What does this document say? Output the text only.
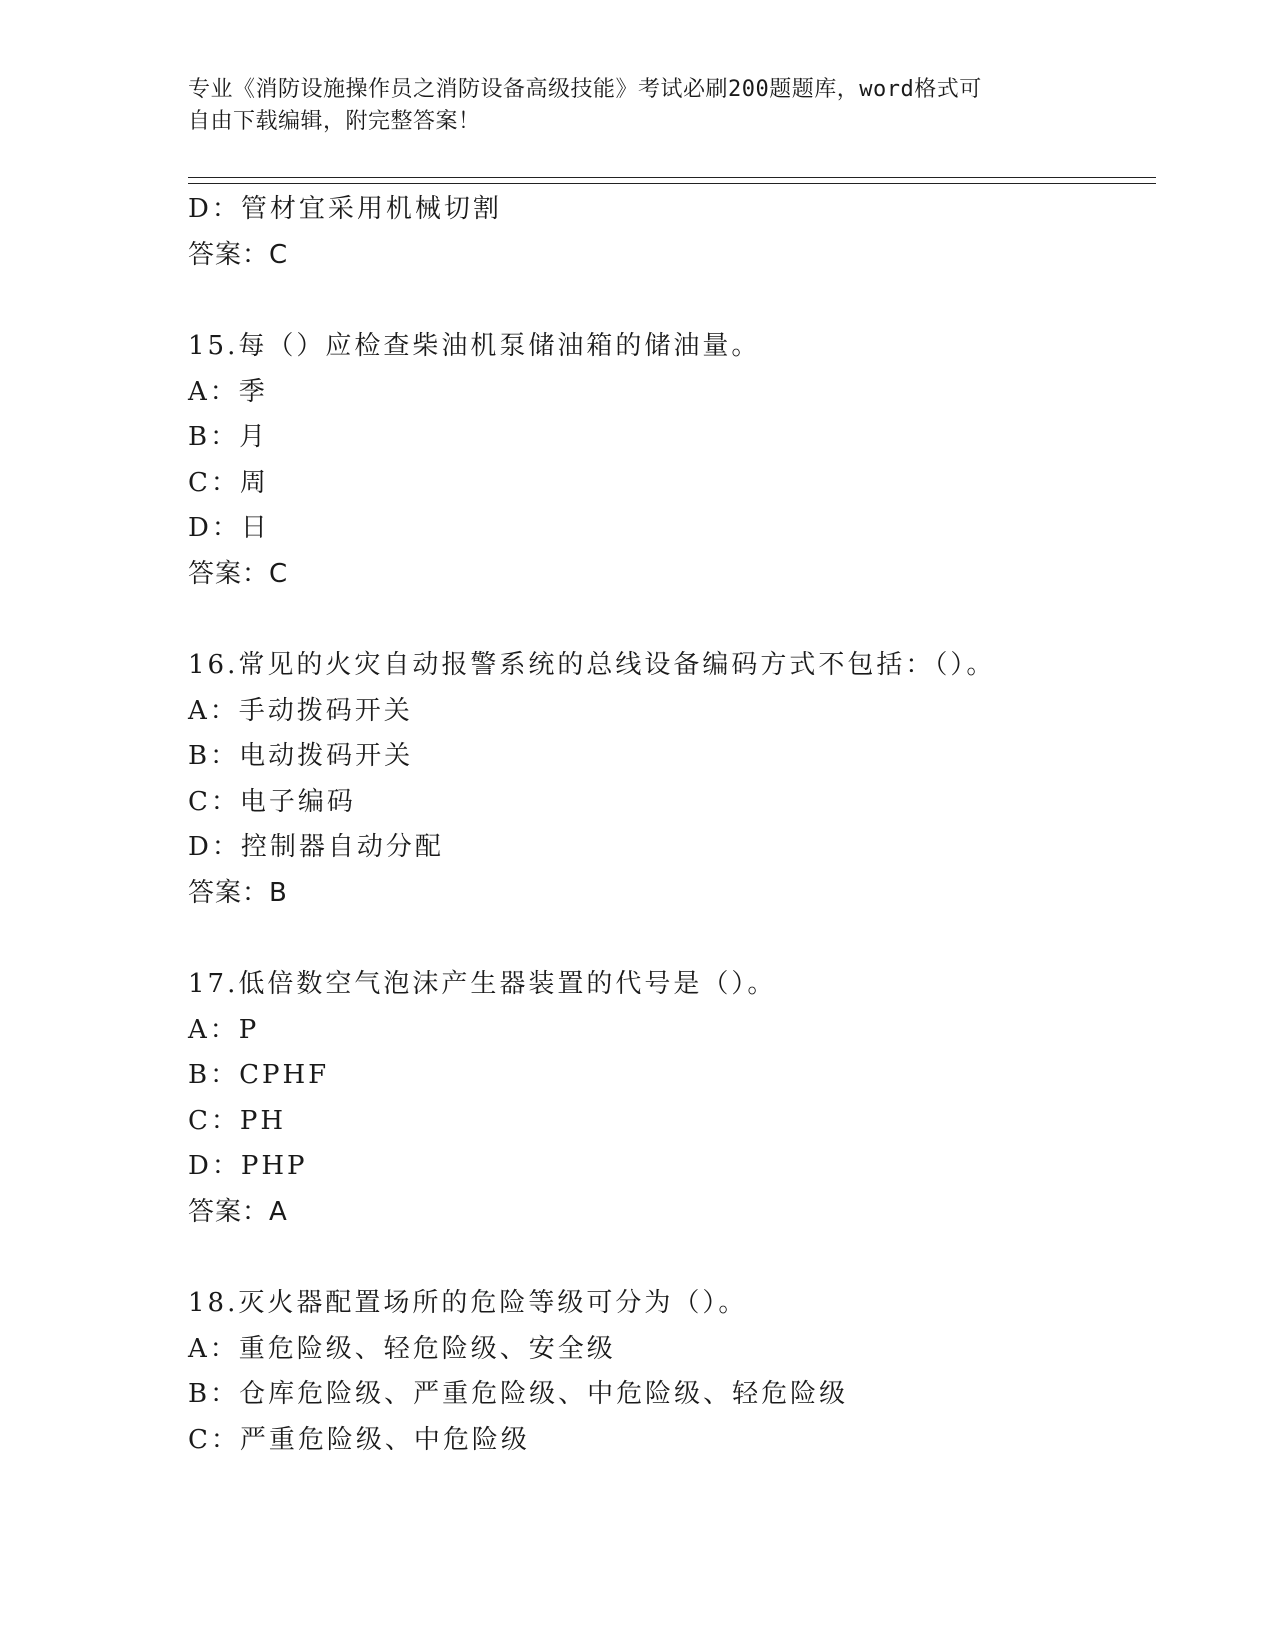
专业《消防设施操作员之消防设备高级技能》考试必刷200题题库，word格式可
自由下载编辑，附完整答案！
D：管材宜采用机械切割
答案：C
15.每（）应检查柴油机泵储油箱的储油量。
A：季
B：月
C：周
D：日
答案：C
16.常见的火灾自动报警系统的总线设备编码方式不包括：（）。
A：手动拨码开关
B：电动拨码开关
C：电子编码
D：控制器自动分配
答案：B
17.低倍数空气泡沫产生器装置的代号是（）。
A：P
B：CPHF
C：PH
D：PHP
答案：A
18.灭火器配置场所的危险等级可分为（）。
A：重危险级、轻危险级、安全级
B：仓库危险级、严重危险级、中危险级、轻危险级
C：严重危险级、中危险级
